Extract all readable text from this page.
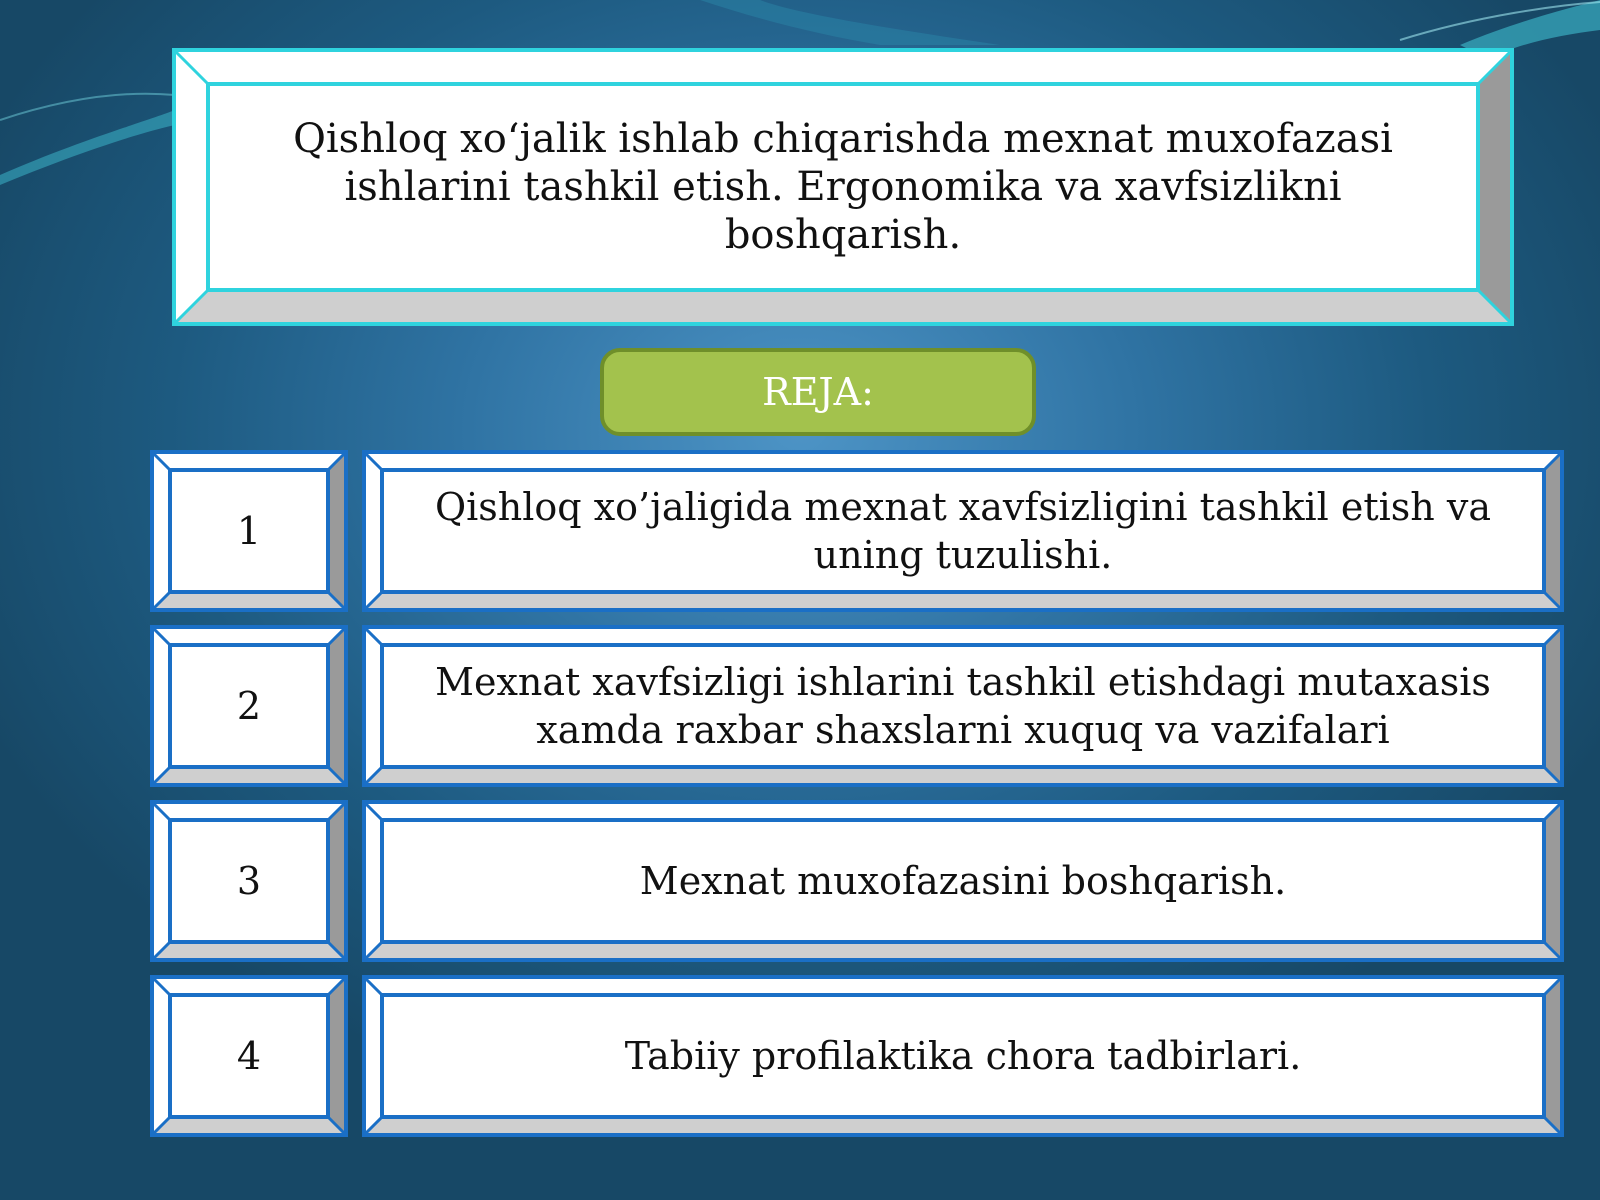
Qishloq xo‘jalik ishlab chiqarishda mexnat muxofazasi ishlarini tashkil etish. Ergonomika va xavfsizlikni boshqarish.
REJA:
1
Qishloq xo’jaligida mexnat xavfsizligini tashkil etish va uning tuzulishi.
2
Mexnat xavfsizligi ishlarini tashkil etishdagi mutaxasis xamda raxbar shaxslarni xuquq va vazifalari
3	Mexnat muxofazasini boshqarish.
4	Tabiiy profilaktika chora tadbirlari.
